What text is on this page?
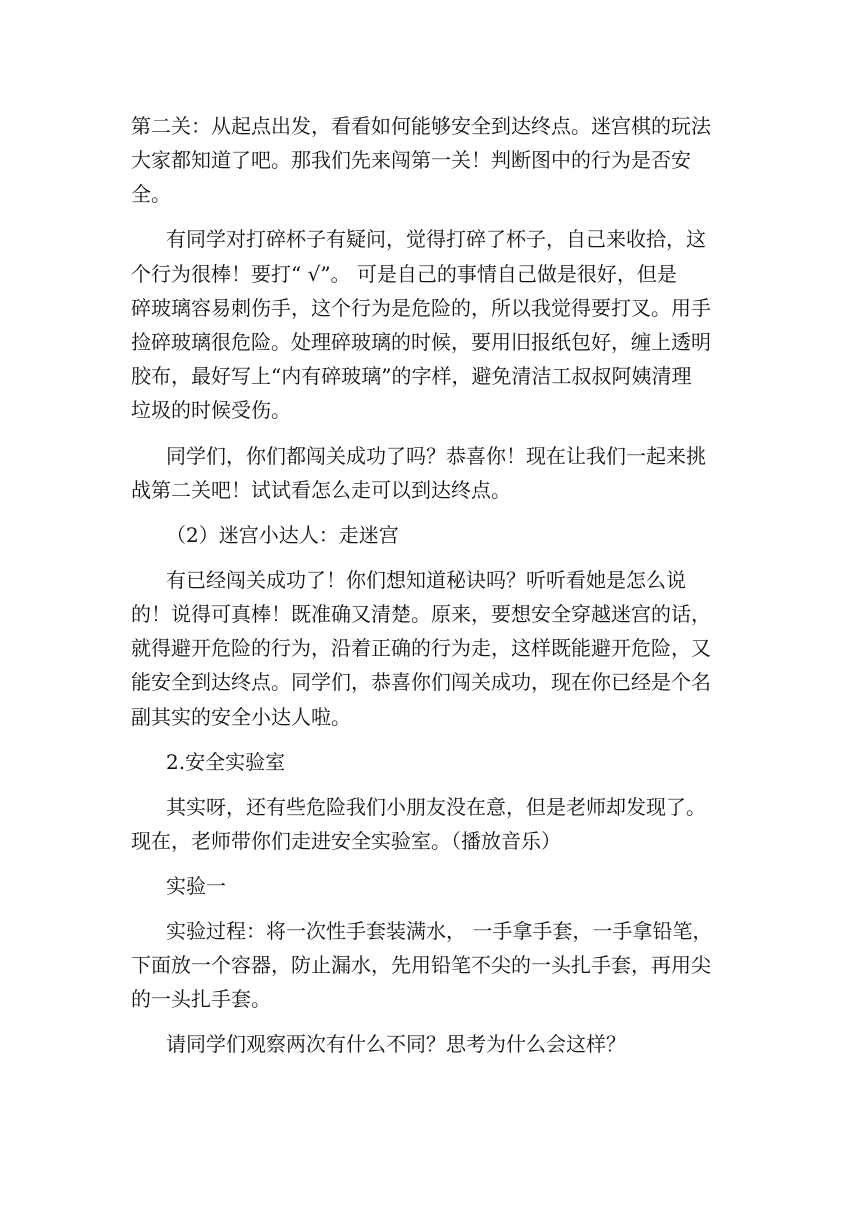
第二关：从起点出发，看看如何能够安全到达终点。迷宫棋的玩法
大家都知道了吧。那我们先来闯第一关！判断图中的行为是否安
全。
有同学对打碎杯子有疑问，觉得打碎了杯子，自己来收拾，这
个行为很棒！要打“ √”。 可是自己的事情自己做是很好，但是
碎玻璃容易刺伤手，这个行为是危险的，所以我觉得要打叉。用手
捡碎玻璃很危险。处理碎玻璃的时候，要用旧报纸包好，缠上透明
胶布，最好写上“内有碎玻璃”的字样，避免清洁工叔叔阿姨清理
垃圾的时候受伤。
同学们，你们都闯关成功了吗？恭喜你！现在让我们一起来挑
战第二关吧！试试看怎么走可以到达终点。
（2）迷宫小达人：走迷宫
有已经闯关成功了！你们想知道秘诀吗？听听看她是怎么说
的！说得可真棒！既准确又清楚。原来，要想安全穿越迷宫的话，
就得避开危险的行为，沿着正确的行为走，这样既能避开危险，又
能安全到达终点。同学们，恭喜你们闯关成功，现在你已经是个名
副其实的安全小达人啦。
2.安全实验室
其实呀，还有些危险我们小朋友没在意，但是老师却发现了。
现在，老师带你们走进安全实验室。（播放音乐）
实验一
实验过程：将一次性手套装满水， 一手拿手套，一手拿铅笔，
下面放一个容器，防止漏水，先用铅笔不尖的一头扎手套，再用尖
的一头扎手套。
请同学们观察两次有什么不同？思考为什么会这样？
